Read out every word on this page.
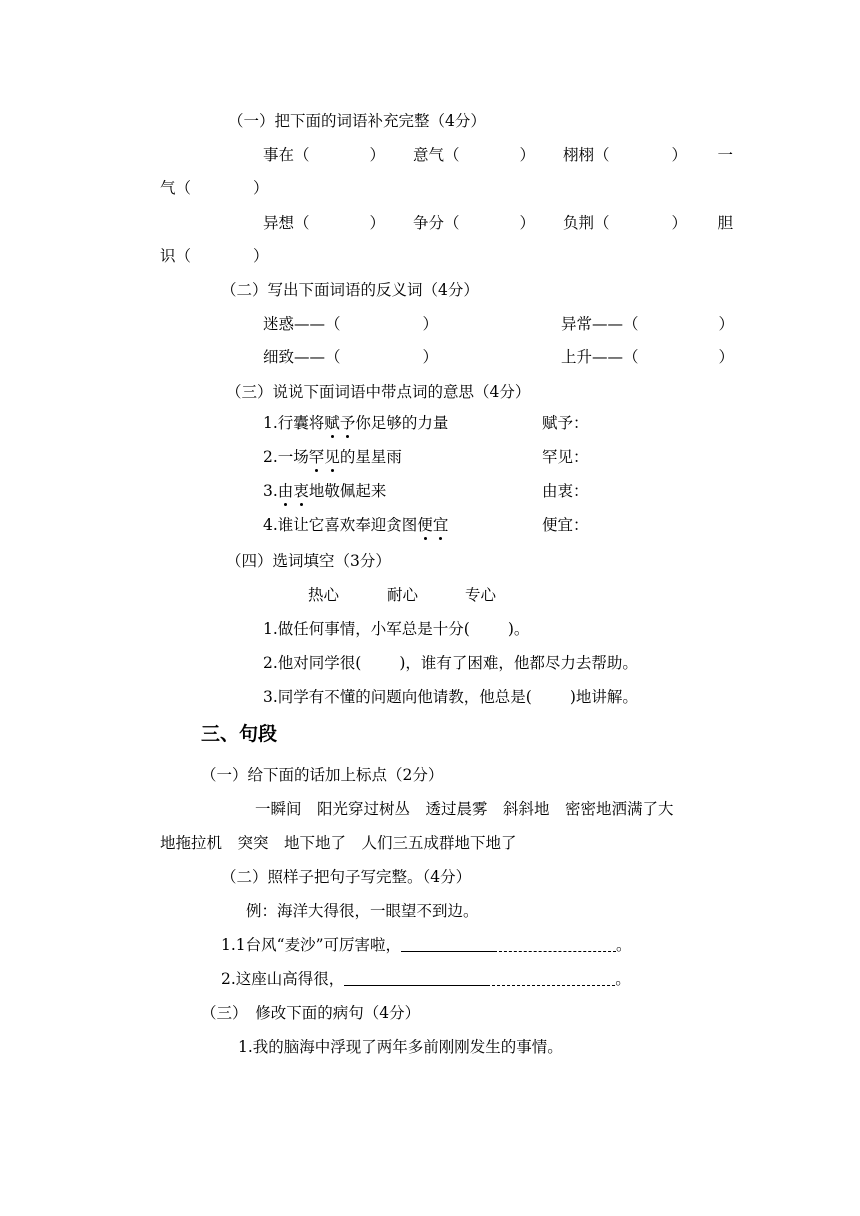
（一）把下面的词语补充完整（4分）
事在（	） 意气（	） 栩栩（	） 一
气（	）
异想（	） 争分（	） 负荆（	） 胆
识（	）
（二）写出下面词语的反义词（4分）
迷惑——（	）	异常——（	）
细致——（	）	上升——（	）
（三）说说下面词语中带点词的意思（4分）
1.行囊将赋予你足够的力量	赋予：
2.一场罕见的星星雨	罕见：
3.由衷地敬佩起来	由衷：
4.谁让它喜欢奉迎贪图便宜	便宜：
（四）选词填空（3分）
热心	耐心	专心
1.做任何事情，小军总是十分( )。
2.他对同学很( )，谁有了困难，他都尽力去帮助。
3.同学有不懂的问题向他请教，他总是( )地讲解。
三、句段
（一）给下面的话加上标点（2分）
一瞬间　阳光穿过树丛　透过晨雾　斜斜地　密密地洒满了大
地拖拉机　突突　地下地了　人们三五成群地下地了
（二）照样子把句子写完整。（4分）
例：海洋大得很，一眼望不到边。
1.1台风“麦沙”可厉害啦，	。
2.这座山高得很，	。
（三）　修改下面的病句（4分）
1.我的脑海中浮现了两年多前刚刚发生的事情。
